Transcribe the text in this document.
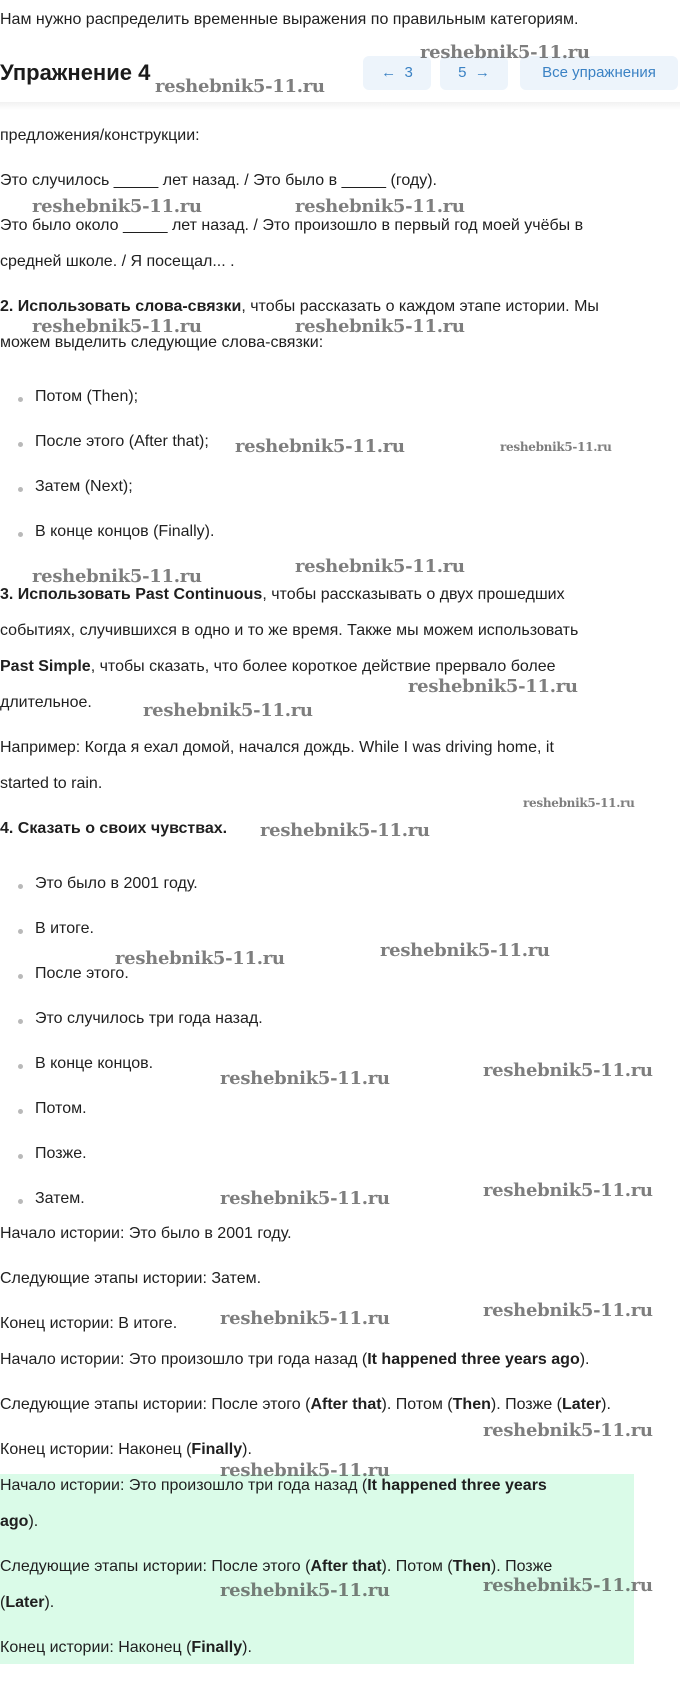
Нам нужно распределить временные выражения по правильным категориям.
Упражнение 4	← 3	5 →	Все упражнения
предложения/конструкции:
Это случилось _____ лет назад. / Это было в _____ (году).
Это было около _____ лет назад. / Это произошло в первый год моей учёбы в
средней школе. / Я посещал... .
2. Использовать слова-связки, чтобы рассказать о каждом этапе истории. Мы
можем выделить следующие слова-связки:
Потом (Then);
После этого (After that);
Затем (Next);
В конце концов (Finally).
3. Использовать Past Continuous, чтобы рассказывать о двух прошедших
событиях, случившихся в одно и то же время. Также мы можем использовать
Past Simple, чтобы сказать, что более короткое действие прервало более
длительное.
Например: Когда я ехал домой, начался дождь. While I was driving home, it
started to rain.
4. Сказать о своих чувствах.
Это было в 2001 году.
В итоге.
После этого.
Это случилось три года назад.
В конце концов.
Потом.
Позже.
Затем.
Начало истории: Это было в 2001 году.
Следующие этапы истории: Затем.
Конец истории: В итоге.
Начало истории: Это произошло три года назад (It happened three years ago).
Следующие этапы истории: После этого (After that). Потом (Then). Позже (Later).
Конец истории: Наконец (Finally).
Начало истории: Это произошло три года назад (It happened three years
ago).
Следующие этапы истории: После этого (After that). Потом (Then). Позже
(Later).
Конец истории: Наконец (Finally).
reshebnik5-11.ru
reshebnik5-11.ru
reshebnik5-11.ru	reshebnik5-11.ru
reshebnik5-11.ru	reshebnik5-11.ru
reshebnik5-11.ru	reshebnik5-11.ru
reshebnik5-11.ru	reshebnik5-11.ru
reshebnik5-11.ru
reshebnik5-11.ru
reshebnik5-11.ru
reshebnik5-11.ru
reshebnik5-11.ru	reshebnik5-11.ru
reshebnik5-11.ru	reshebnik5-11.ru
reshebnik5-11.ru	reshebnik5-11.ru
reshebnik5-11.ru	reshebnik5-11.ru
reshebnik5-11.ru
reshebnik5-11.ru
reshebnik5-11.ru	reshebnik5-11.ru
